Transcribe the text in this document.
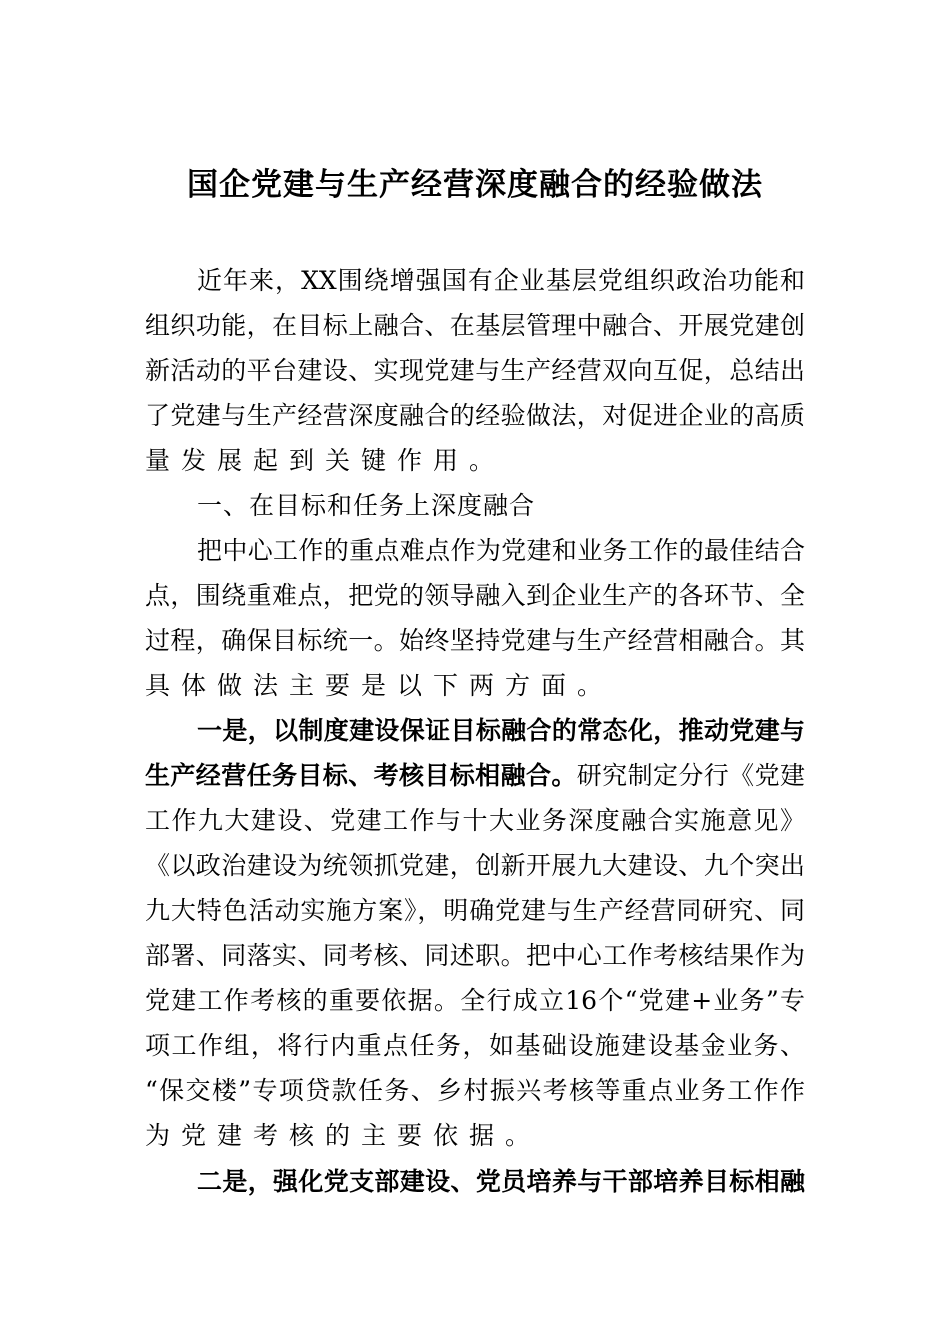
国企党建与生产经营深度融合的经验做法
近年来，XX围绕增强国有企业基层党组织政治功能和
组织功能，在目标上融合、在基层管理中融合、开展党建创
新活动的平台建设、实现党建与生产经营双向互促，总结出
了党建与生产经营深度融合的经验做法，对促进企业的高质
量发展起到关键作用。
一、在目标和任务上深度融合
把中心工作的重点难点作为党建和业务工作的最佳结合
点，围绕重难点，把党的领导融入到企业生产的各环节、全
过程，确保目标统一。始终坚持党建与生产经营相融合。其
具体做法主要是以下两方面。
一是，以制度建设保证目标融合的常态化，推动党建与
生产经营任务目标、考核目标相融合。研究制定分行《党建
工作九大建设、党建工作与十大业务深度融合实施意见》
《以政治建设为统领抓党建，创新开展九大建设、九个突出
九大特色活动实施方案》，明确党建与生产经营同研究、同
部署、同落实、同考核、同述职。把中心工作考核结果作为
党建工作考核的重要依据。全行成立16个“党建+业务”专
项工作组，将行内重点任务，如基础设施建设基金业务、
“保交楼”专项贷款任务、乡村振兴考核等重点业务工作作
为党建考核的主要依据。
二是，强化党支部建设、党员培养与干部培养目标相融
